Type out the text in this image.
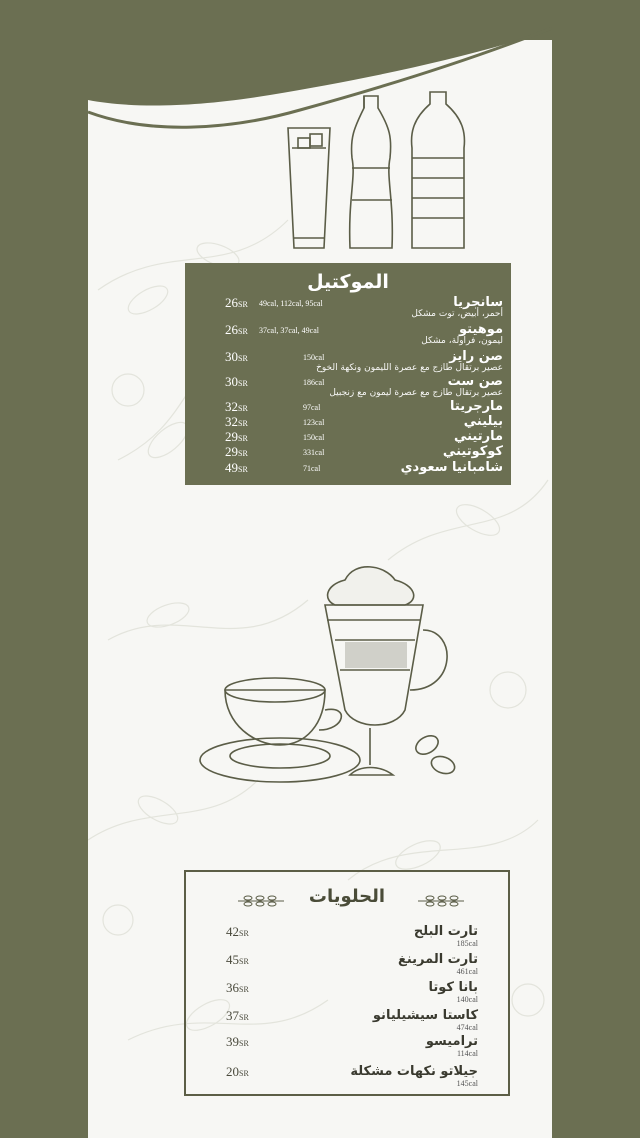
الموكتيل
سانجريا
أحمر، أبيض، توت مشكل
49cal, 112cal, 95cal
26SR
موهيتو
ليمون، فراولة، مشكل
37cal, 37cal, 49cal
26SR
صن رايز
عصير برتقال طازج مع عصرة الليمون ونكهة الخوخ
150cal
30SR
صن ست
عصير برتقال طازج مع عصرة ليمون مع زنجبيل
186cal
30SR
مارجريتا
97cal
32SR
بيليني
123cal
32SR
مارتيني
150cal
29SR
كوكوتيني
331cal
29SR
شامبانيا سعودي
71cal
49SR
الحلويات
تارت البلح
185cal
42SR
تارت المرينغ
461cal
45SR
بانا كوتا
140cal
36SR
كاستا سيشيليانو
474cal
37SR
تراميسو
114cal
39SR
جيلاتو نكهات مشكلة
145cal
20SR
